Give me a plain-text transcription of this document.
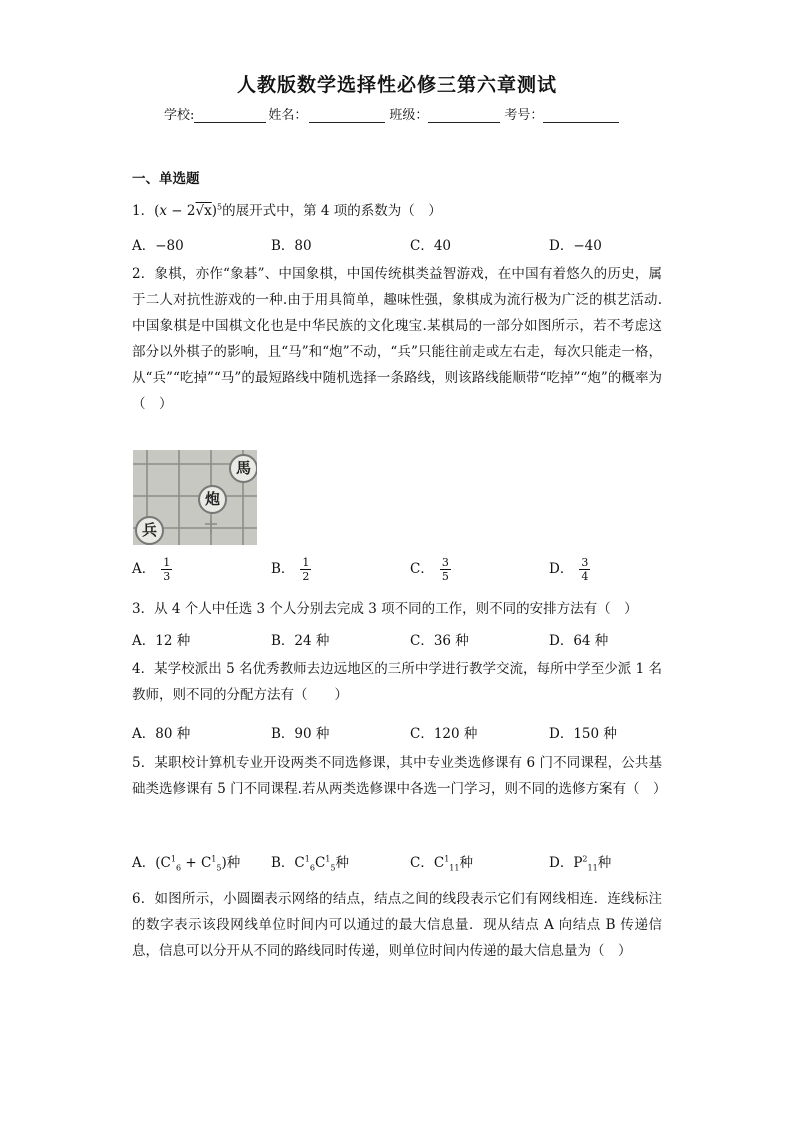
人教版数学选择性必修三第六章测试
学校:	姓名：	班级：	考号：
一、单选题
1．$(x - 2√x)^5$的展开式中，第 4 项的系数为（　）
A．−80	B．80	C．40	D．−40
2．象棋，亦作“象碁”、中国象棋，中国传统棋类益智游戏，在中国有着悠久的历史，属于二人对抗性游戏的一种.由于用具简单，趣味性强，象棋成为流行极为广泛的棋艺活动.中国象棋是中国棋文化也是中华民族的文化瑰宝.某棋局的一部分如图所示，若不考虑这部分以外棋子的影响，且“马”和“炮”不动，“兵”只能往前走或左右走，每次只能走一格，从“兵”“吃掉”“马”的最短路线中随机选择一条路线，则该路线能顺带“吃掉”“炮”的概率为（　）
馬
炮
兵
A． $\frac{1}{3}$	B． $\frac{1}{2}$	C． $\frac{3}{5}$	D． $\frac{3}{4}$
3．从 4 个人中任选 3 个人分别去完成 3 项不同的工作，则不同的安排方法有（　）
A．12 种	B．24 种	C．36 种	D．64 种
4．某学校派出 5 名优秀教师去边远地区的三所中学进行教学交流，每所中学至少派 1 名教师，则不同的分配方法有（　　）
A．80 种	B．90 种	C．120 种	D．150 种
5．某职校计算机专业开设两类不同选修课，其中专业类选修课有 6 门不同课程，公共基础类选修课有 5 门不同课程.若从两类选修课中各选一门学习，则不同的选修方案有（　）
A．$(C^1_6 + C^1_5)$种 B．$C^1_6C^1_5$种	C．$C^1_{11}$种	D．$P^2_{11}$种
6．如图所示，小圆圈表示网络的结点，结点之间的线段表示它们有网线相连．连线标注的数字表示该段网线单位时间内可以通过的最大信息量．现从结点 A 向结点 B 传递信息，信息可以分开从不同的路线同时传递，则单位时间内传递的最大信息量为（　）
